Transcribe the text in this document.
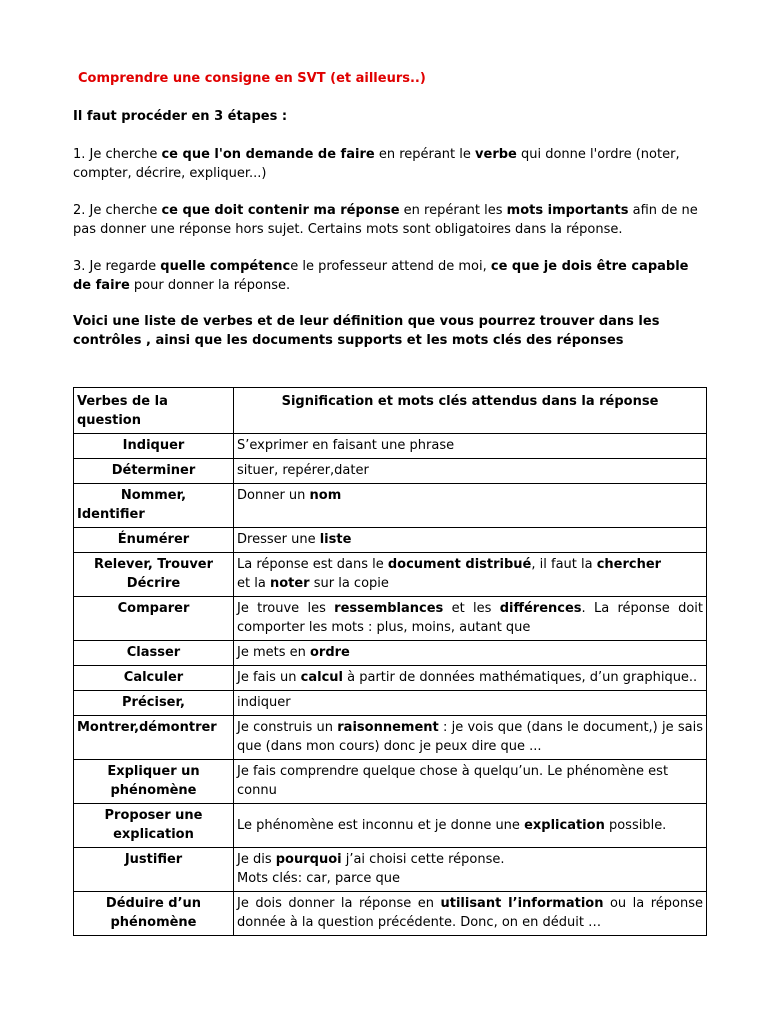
Comprendre une consigne en SVT (et ailleurs..)
Il faut procéder en 3 étapes :
1. Je cherche ce que l'on demande de faire en repérant le verbe qui donne l'ordre (noter, compter, décrire, expliquer...)
2. Je cherche ce que doit contenir ma réponse en repérant les mots importants afin de ne pas donner une réponse hors sujet. Certains mots sont obligatoires dans la réponse.
3. Je regarde quelle compétence le professeur attend de moi, ce que je dois être capable de faire pour donner la réponse.
Voici une liste de verbes et de leur définition que vous pourrez trouver dans les contrôles , ainsi que les documents supports et les mots clés des réponses
Verbes de la question	Signification et mots clés attendus dans la réponse
Indiquer	S’exprimer en faisant une phrase
Déterminer	situer, repérer,dater
Nommer,

Identifier	Donner un nom
Énumérer	Dresser une liste
Relever, Trouver
Décrire	La réponse est dans le document distribué, il faut la chercher
et la noter sur la copie
Comparer	Je trouve les ressemblances et les différences. La réponse doit comporter les mots : plus, moins, autant que
Classer	Je mets en ordre
Calculer	Je fais un calcul à partir de données mathématiques, d’un graphique..
Préciser,	indiquer
Montrer,démontrer	Je construis un raisonnement : je vois que (dans le document,) je sais que (dans mon cours) donc je peux dire que ...
Expliquer un
phénomène	Je fais comprendre quelque chose à quelqu’un. Le phénomène est connu
Proposer une
explication	Le phénomène est inconnu et je donne une explication possible.
Justifier	Je dis pourquoi j’ai choisi cette réponse.
Mots clés: car, parce que
Déduire d’un
phénomène	Je dois donner la réponse en utilisant l’information ou la réponse donnée à la question précédente. Donc, on en déduit …
